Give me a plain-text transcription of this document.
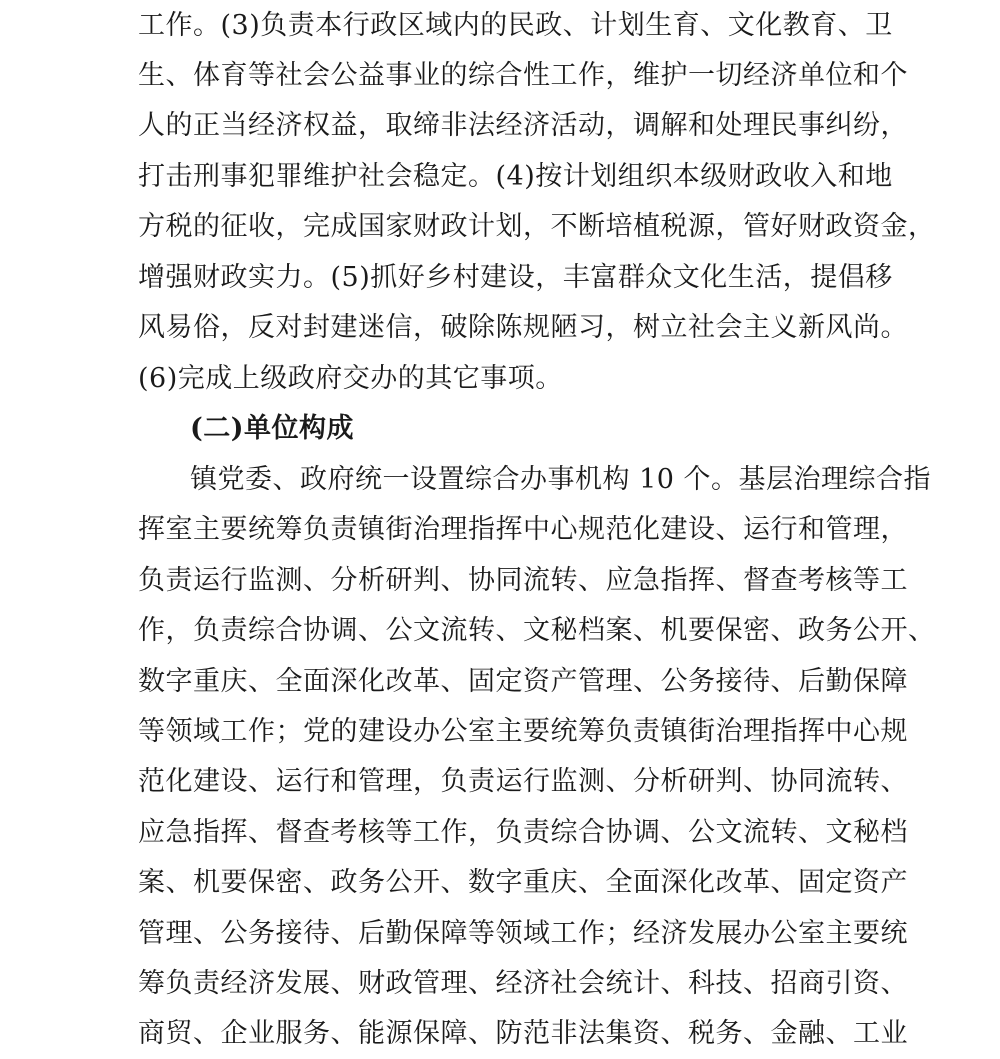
工作。(3)负责本行政区域内的民政、计划生育、文化教育、卫
生、体育等社会公益事业的综合性工作，维护一切经济单位和个
人的正当经济权益，取缔非法经济活动，调解和处理民事纠纷，
打击刑事犯罪维护社会稳定。(4)按计划组织本级财政收入和地
方税的征收，完成国家财政计划，不断培植税源，管好财政资金，
增强财政实力。(5)抓好乡村建设，丰富群众文化生活，提倡移
风易俗，反对封建迷信，破除陈规陋习，树立社会主义新风尚。
(6)完成上级政府交办的其它事项。
(二)单位构成
镇党委、政府统一设置综合办事机构 10 个。基层治理综合指
挥室主要统筹负责镇街治理指挥中心规范化建设、运行和管理，
负责运行监测、分析研判、协同流转、应急指挥、督查考核等工
作，负责综合协调、公文流转、文秘档案、机要保密、政务公开、
数字重庆、全面深化改革、固定资产管理、公务接待、后勤保障
等领域工作；党的建设办公室主要统筹负责镇街治理指挥中心规
范化建设、运行和管理，负责运行监测、分析研判、协同流转、
应急指挥、督查考核等工作，负责综合协调、公文流转、文秘档
案、机要保密、政务公开、数字重庆、全面深化改革、固定资产
管理、公务接待、后勤保障等领域工作；经济发展办公室主要统
筹负责经济发展、财政管理、经济社会统计、科技、招商引资、
商贸、企业服务、能源保障、防范非法集资、税务、金融、工业
